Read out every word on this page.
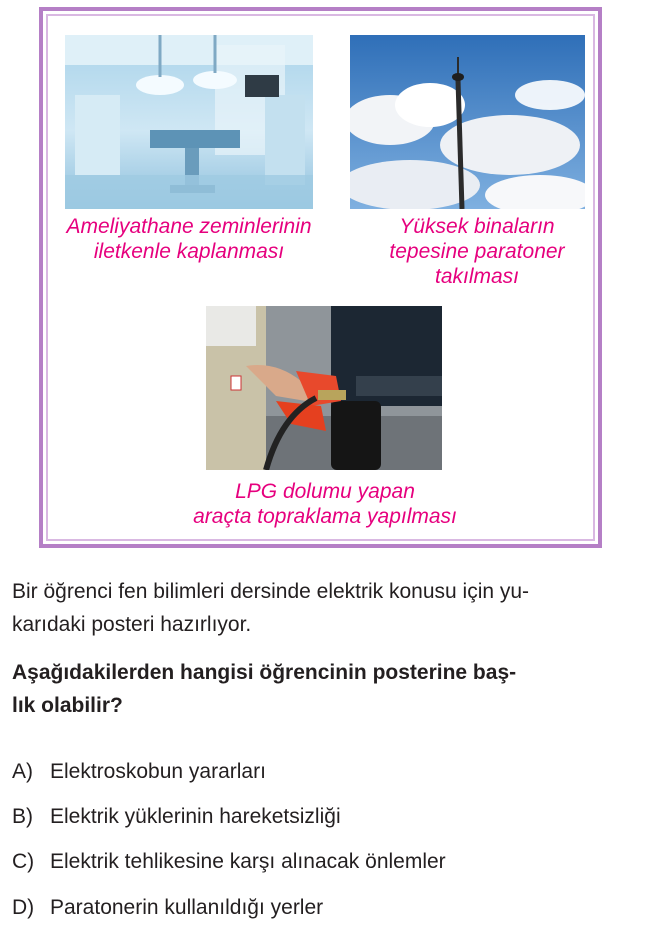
Ameliyathane zeminlerinin
iletkenle kaplanması
Yüksek binaların
tepesine paratoner
takılması
LPG dolumu yapan
araçta topraklama yapılması
Bir öğrenci fen bilimleri dersinde elektrik konusu için yu-
karıdaki posteri hazırlıyor.
Aşağıdakilerden hangisi öğrencinin posterine baş-
lık olabilir?
A) Elektroskobun yararları
B) Elektrik yüklerinin hareketsizliği
C) Elektrik tehlikesine karşı alınacak önlemler
D) Paratonerin kullanıldığı yerler
